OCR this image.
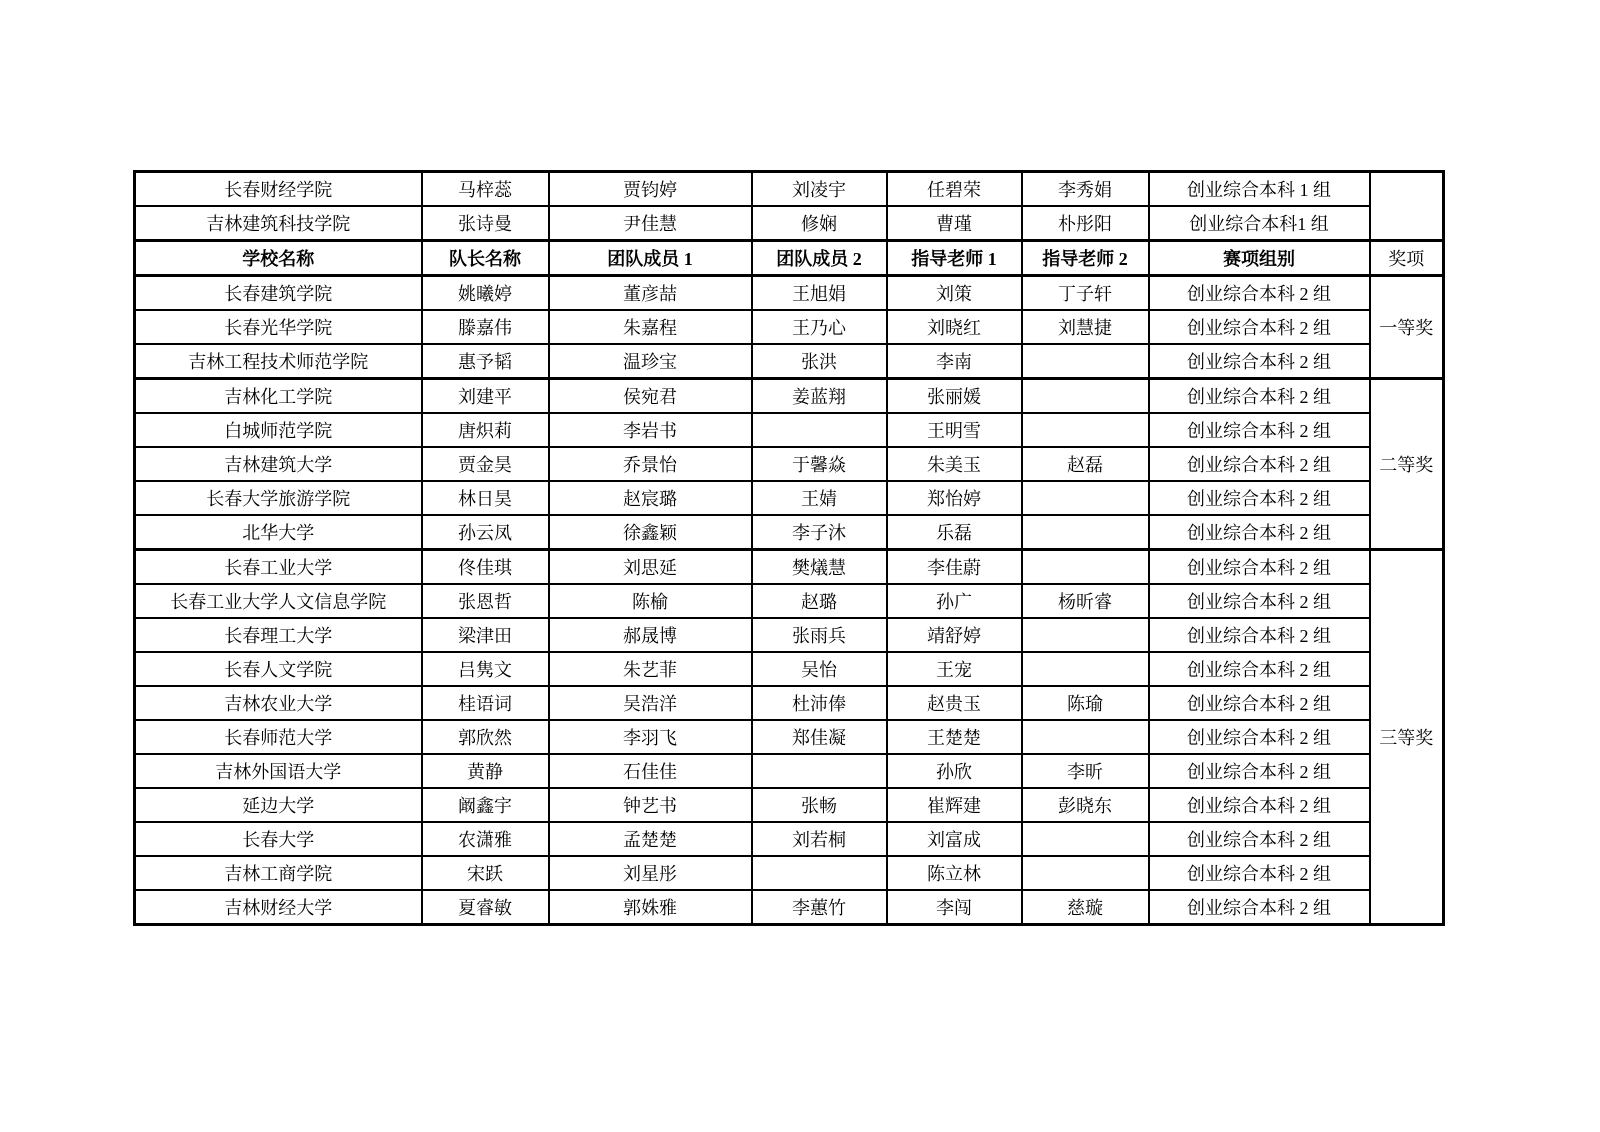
长春财经学院	马梓蕊	贾钧婷	刘凌宇	任碧荣	李秀娟	创业综合本科 1 组	
吉林建筑科技学院	张诗曼	尹佳慧	修娴	曹瑾	朴彤阳	创业综合本科1 组	
学校名称	队长名称	团队成员 1	团队成员 2	指导老师 1	指导老师 2	赛项组别	奖项
长春建筑学院	姚曦婷	董彦喆	王旭娟	刘策	丁子轩	创业综合本科 2 组	一等奖
长春光华学院	滕嘉伟	朱嘉程	王乃心	刘晓红	刘慧捷	创业综合本科 2 组	
吉林工程技术师范学院	惠予韬	温珍宝	张洪	李南		创业综合本科 2 组	
吉林化工学院	刘建平	侯宛君	姜蓝翔	张丽媛		创业综合本科 2 组	二等奖
白城师范学院	唐炽莉	李岩书		王明雪		创业综合本科 2 组	
吉林建筑大学	贾金昊	乔景怡	于馨焱	朱美玉	赵磊	创业综合本科 2 组	
长春大学旅游学院	林日昊	赵宸璐	王婧	郑怡婷		创业综合本科 2 组	
北华大学	孙云凤	徐鑫颖	李子沐	乐磊		创业综合本科 2 组	
长春工业大学	佟佳琪	刘思延	樊燨慧	李佳蔚		创业综合本科 2 组	三等奖
长春工业大学人文信息学院	张恩哲	陈榆	赵璐	孙广	杨昕睿	创业综合本科 2 组	
长春理工大学	梁津田	郝晟博	张雨兵	靖舒婷		创业综合本科 2 组	
长春人文学院	吕隽文	朱艺菲	吴怡	王宠		创业综合本科 2 组	
吉林农业大学	桂语词	吴浩洋	杜沛俸	赵贵玉	陈瑜	创业综合本科 2 组	
长春师范大学	郭欣然	李羽飞	郑佳凝	王楚楚		创业综合本科 2 组	
吉林外国语大学	黄静	石佳佳		孙欣	李昕	创业综合本科 2 组	
延边大学	阚鑫宇	钟艺书	张畅	崔辉建	彭晓东	创业综合本科 2 组	
长春大学	农潇雅	孟楚楚	刘若桐	刘富成		创业综合本科 2 组	
吉林工商学院	宋跃	刘星彤		陈立林		创业综合本科 2 组	
吉林财经大学	夏睿敏	郭姝雅	李蕙竹	李闯	慈璇	创业综合本科 2 组	
